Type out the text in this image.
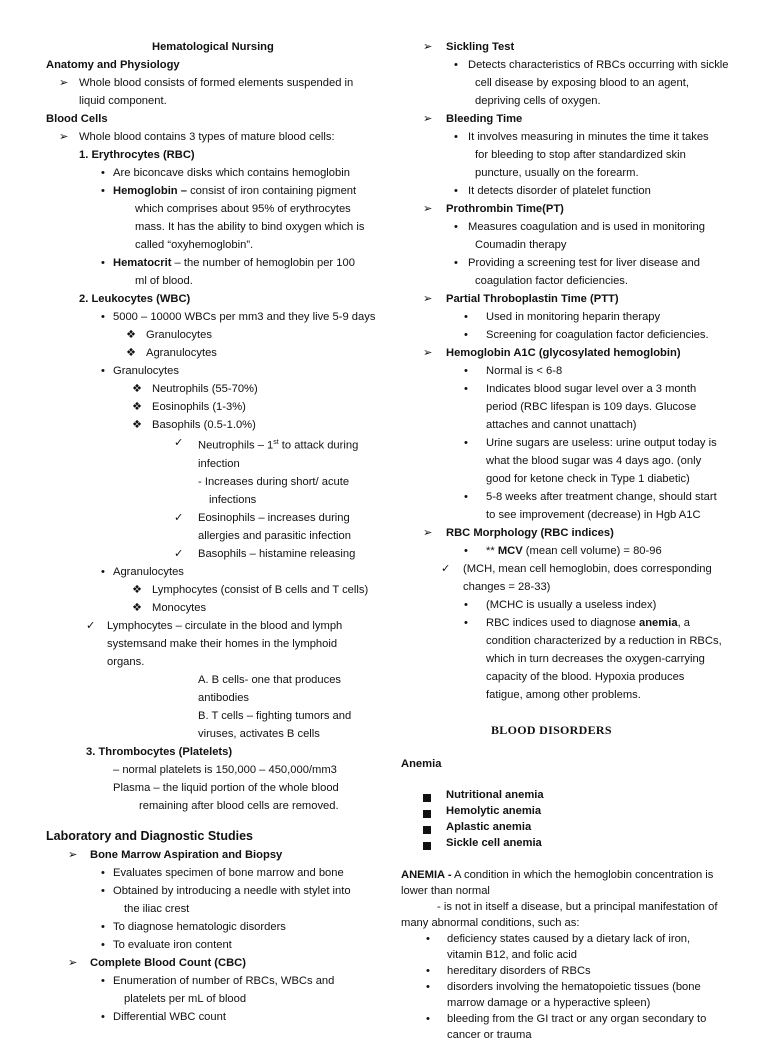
Hematological Nursing
Anatomy and Physiology
➢ Whole blood consists of formed elements suspended in
liquid component.
Blood Cells
➢ Whole blood contains 3 types of mature blood cells:
1. Erythrocytes (RBC)
• Are biconcave disks which contains hemoglobin
• Hemoglobin – consist of iron containing pigment
which comprises about 95% of erythrocytes
mass. It has the ability to bind oxygen which is
called “oxyhemoglobin”.
• Hematocrit – the number of hemoglobin per 100
ml of blood.
2. Leukocytes (WBC)
• 5000 – 10000 WBCs per mm3 and they live 5-9 days
❖ Granulocytes
❖ Agranulocytes
• Granulocytes
❖ Neutrophils (55-70%)
❖ Eosinophils (1-3%)
❖ Basophils (0.5-1.0%)
✓ Neutrophils – 1st to attack during
infection
- Increases during short/ acute
infections
✓ Eosinophils – increases during
allergies and parasitic infection
✓ Basophils – histamine releasing
• Agranulocytes
❖ Lymphocytes (consist of B cells and T cells)
❖ Monocytes
✓ Lymphocytes – circulate in the blood and lymph
systemsand make their homes in the lymphoid
organs.
A. B cells- one that produces
antibodies
B. T cells – fighting tumors and
viruses, activates B cells
3. Thrombocytes (Platelets)
– normal platelets is 150,000 – 450,000/mm3
Plasma – the liquid portion of the whole blood
remaining after blood cells are removed.
Laboratory and Diagnostic Studies
➢ Bone Marrow Aspiration and Biopsy
• Evaluates specimen of bone marrow and bone
• Obtained by introducing a needle with stylet into
the iliac crest
• To diagnose hematologic disorders
• To evaluate iron content
➢ Complete Blood Count (CBC)
• Enumeration of number of RBCs, WBCs and
platelets per mL of blood
• Differential WBC count
➢ Sickling Test
• Detects characteristics of RBCs occurring with sickle
cell disease by exposing blood to an agent,
depriving cells of oxygen.
➢ Bleeding Time
• It involves measuring in minutes the time it takes
for bleeding to stop after standardized skin
puncture, usually on the forearm.
• It detects disorder of platelet function
➢ Prothrombin Time(PT)
• Measures coagulation and is used in monitoring
Coumadin therapy
• Providing a screening test for liver disease and
coagulation factor deficiencies.
➢ Partial Throboplastin Time (PTT)
• Used in monitoring heparin therapy
• Screening for coagulation factor deficiencies.
➢ Hemoglobin A1C (glycosylated hemoglobin)
• Normal is < 6-8
• Indicates blood sugar level over a 3 month
period (RBC lifespan is 109 days. Glucose
attaches and cannot unattach)
• Urine sugars are useless: urine output today is
what the blood sugar was 4 days ago. (only
good for ketone check in Type 1 diabetic)
• 5-8 weeks after treatment change, should start
to see improvement (decrease) in Hgb A1C
➢ RBC Morphology (RBC indices)
• ** MCV (mean cell volume) = 80-96
✓ (MCH, mean cell hemoglobin, does corresponding
changes = 28-33)
• (MCHC is usually a useless index)
• RBC indices used to diagnose anemia, a
condition characterized by a reduction in RBCs,
which in turn decreases the oxygen-carrying
capacity of the blood. Hypoxia produces
fatigue, among other problems.
BLOOD DISORDERS
Anemia
Nutritional anemia
Hemolytic anemia
Aplastic anemia
Sickle cell anemia
ANEMIA - A condition in which the hemoglobin concentration is
lower than normal
- is not in itself a disease, but a principal manifestation of
many abnormal conditions, such as:
• deficiency states caused by a dietary lack of iron,
vitamin B12, and folic acid
• hereditary disorders of RBCs
• disorders involving the hematopoietic tissues (bone
marrow damage or a hyperactive spleen)
• bleeding from the GI tract or any organ secondary to
cancer or trauma
